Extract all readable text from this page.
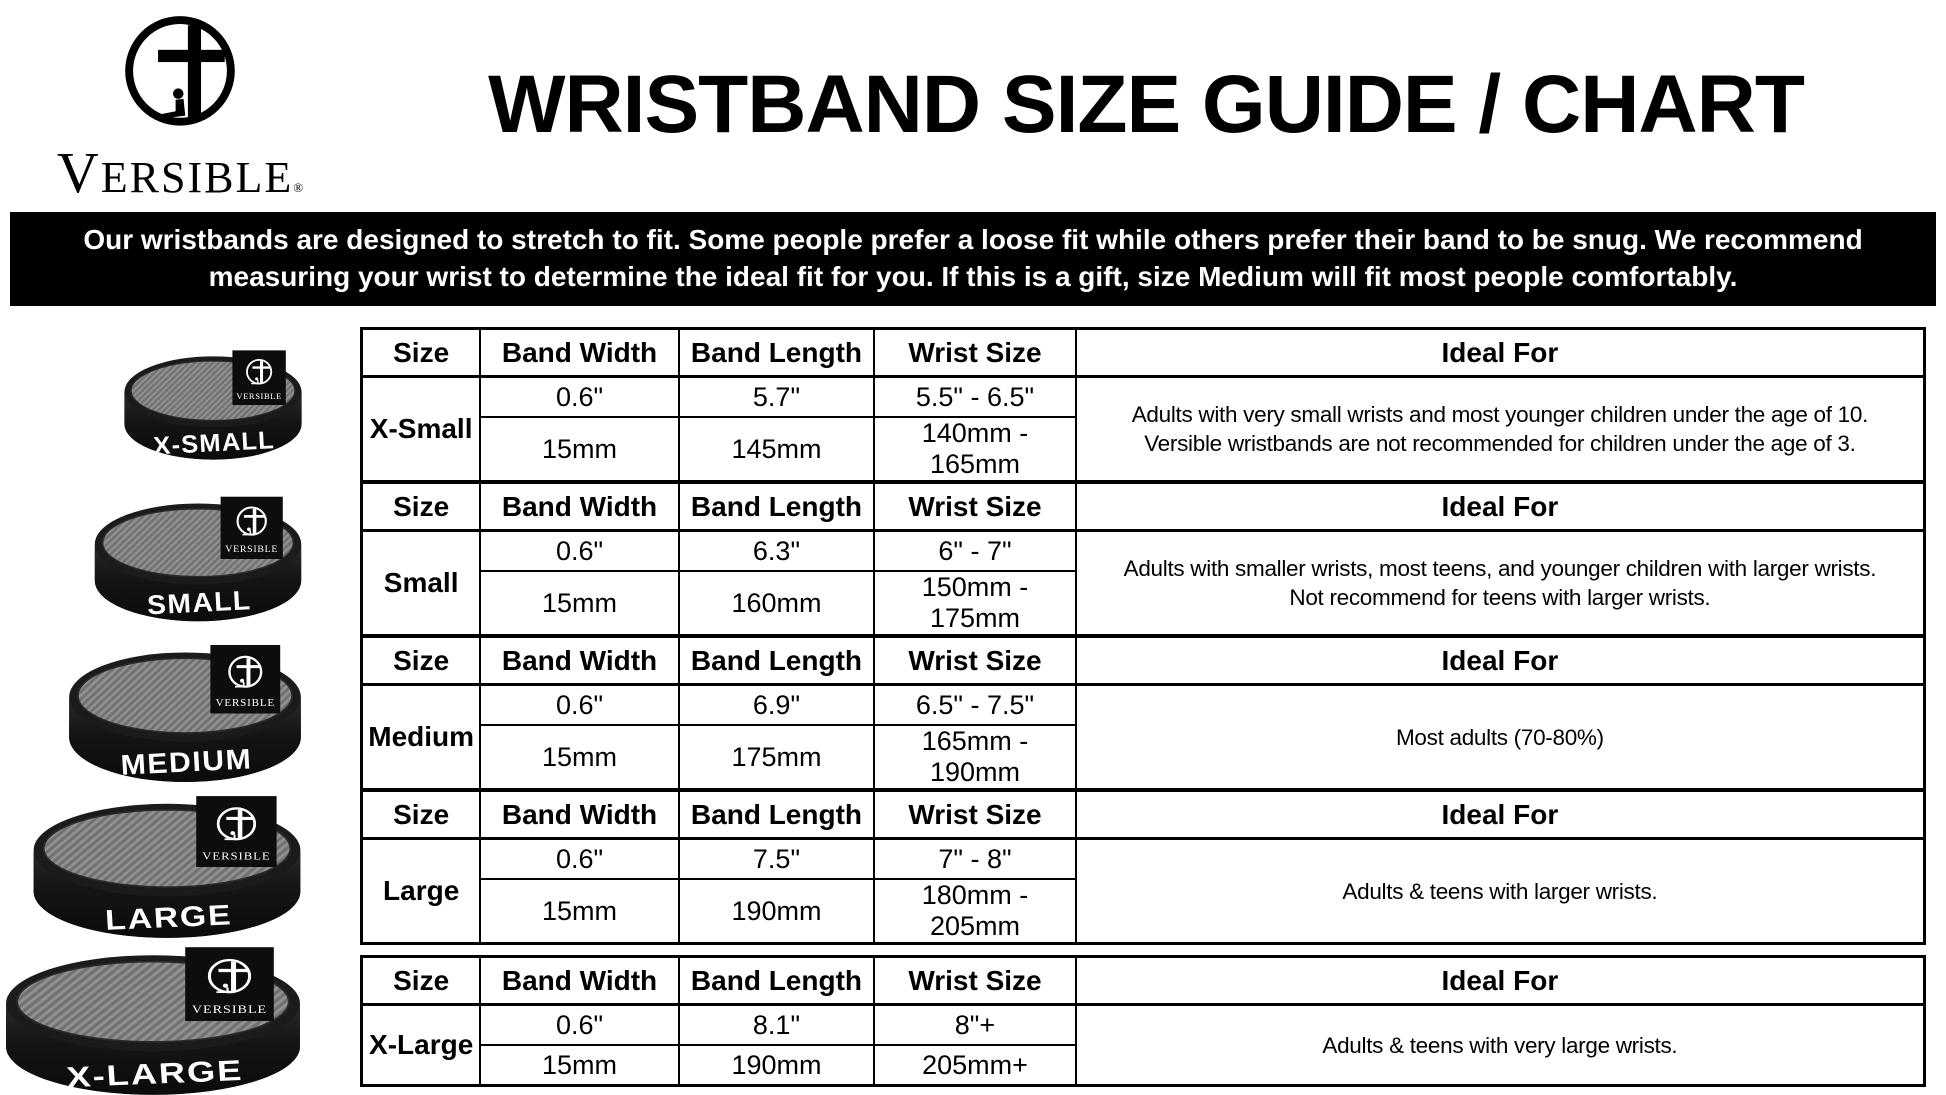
VERSIBLE®
WRISTBAND SIZE GUIDE / CHART
Our wristbands are designed to stretch to fit. Some people prefer a loose fit while others prefer their band to be snug. We recommend
measuring your wrist to determine the ideal fit for you. If this is a gift, size Medium will fit most people comfortably.
VERSIBLE
X-SMALL
Size	Band Width	Band Length	Wrist Size	Ideal For
X-Small	0.6"	5.7"	5.5" - 6.5"	Adults with very small wrists and most younger children under the age of 10.
Versible wristbands are not recommended for children under the age of 3.

	15mm	145mm	140mm - 165mm	
VERSIBLE
SMALL
Size	Band Width	Band Length	Wrist Size	Ideal For
Small	0.6"	6.3"	6" - 7"	Adults with smaller wrists, most teens, and younger children with larger wrists.
Not recommend for teens with larger wrists.

	15mm	160mm	150mm - 175mm	
VERSIBLE
MEDIUM
Size	Band Width	Band Length	Wrist Size	Ideal For
Medium	0.6"	6.9"	6.5" - 7.5"	Most adults (70-80%)

	15mm	175mm	165mm - 190mm	
VERSIBLE
LARGE
Size	Band Width	Band Length	Wrist Size	Ideal For
Large	0.6"	7.5"	7" - 8"	Adults & teens with larger wrists.

	15mm	190mm	180mm - 205mm	
VERSIBLE
X-LARGE
Size	Band Width	Band Length	Wrist Size	Ideal For
X-Large	0.6"	8.1"	8"+	Adults & teens with very large wrists.

	15mm	190mm	205mm+	
